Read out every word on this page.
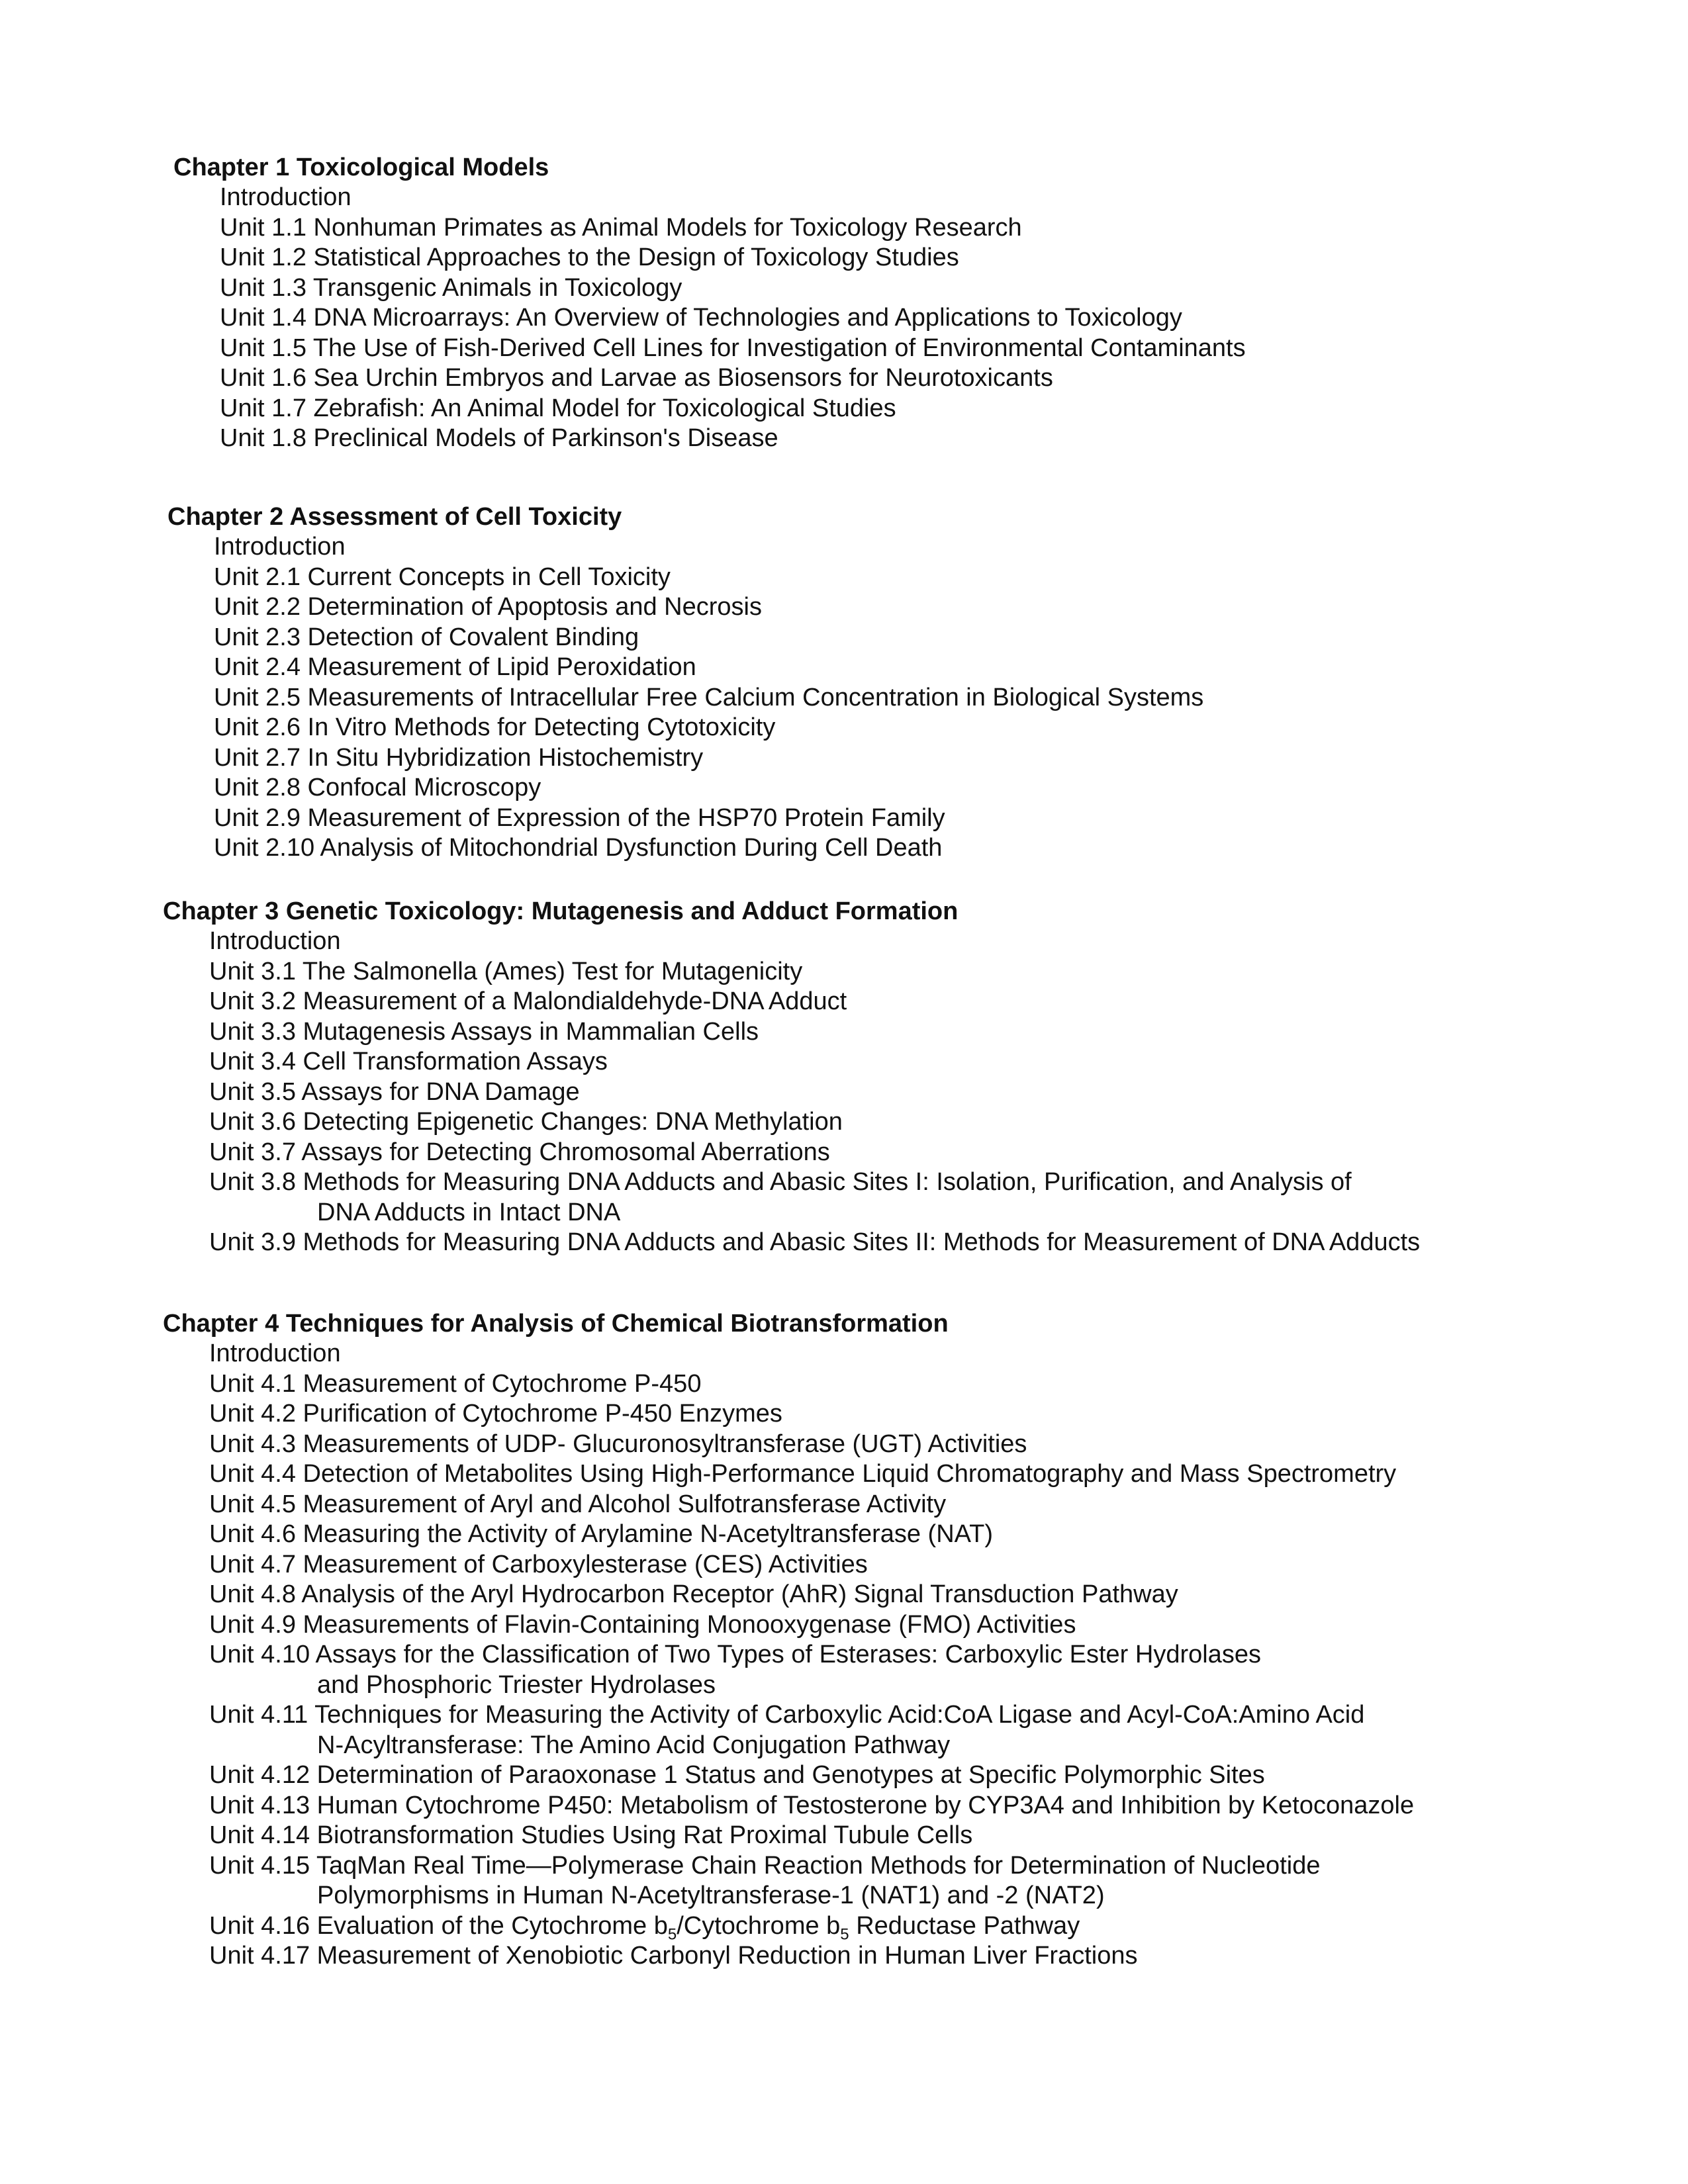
Chapter 1 Toxicological Models
Introduction
Unit 1.1 Nonhuman Primates as Animal Models for Toxicology Research
Unit 1.2 Statistical Approaches to the Design of Toxicology Studies
Unit 1.3 Transgenic Animals in Toxicology
Unit 1.4 DNA Microarrays: An Overview of Technologies and Applications to Toxicology
Unit 1.5 The Use of Fish-Derived Cell Lines for Investigation of Environmental Contaminants
Unit 1.6 Sea Urchin Embryos and Larvae as Biosensors for Neurotoxicants
Unit 1.7 Zebrafish: An Animal Model for Toxicological Studies
Unit 1.8 Preclinical Models of Parkinson's Disease
Chapter 2 Assessment of Cell Toxicity
Introduction
Unit 2.1 Current Concepts in Cell Toxicity
Unit 2.2 Determination of Apoptosis and Necrosis
Unit 2.3 Detection of Covalent Binding
Unit 2.4 Measurement of Lipid Peroxidation
Unit 2.5 Measurements of Intracellular Free Calcium Concentration in Biological Systems
Unit 2.6 In Vitro Methods for Detecting Cytotoxicity
Unit 2.7 In Situ Hybridization Histochemistry
Unit 2.8 Confocal Microscopy
Unit 2.9 Measurement of Expression of the HSP70 Protein Family
Unit 2.10 Analysis of Mitochondrial Dysfunction During Cell Death
Chapter 3 Genetic Toxicology: Mutagenesis and Adduct Formation
Introduction
Unit 3.1 The Salmonella (Ames) Test for Mutagenicity
Unit 3.2 Measurement of a Malondialdehyde-DNA Adduct
Unit 3.3 Mutagenesis Assays in Mammalian Cells
Unit 3.4 Cell Transformation Assays
Unit 3.5 Assays for DNA Damage
Unit 3.6 Detecting Epigenetic Changes: DNA Methylation
Unit 3.7 Assays for Detecting Chromosomal Aberrations
Unit 3.8 Methods for Measuring DNA Adducts and Abasic Sites I: Isolation, Purification, and Analysis of
DNA Adducts in Intact DNA
Unit 3.9 Methods for Measuring DNA Adducts and Abasic Sites II: Methods for Measurement of DNA Adducts
Chapter 4 Techniques for Analysis of Chemical Biotransformation
Introduction
Unit 4.1 Measurement of Cytochrome P-450
Unit 4.2 Purification of Cytochrome P-450 Enzymes
Unit 4.3 Measurements of UDP- Glucuronosyltransferase (UGT) Activities
Unit 4.4 Detection of Metabolites Using High-Performance Liquid Chromatography and Mass Spectrometry
Unit 4.5 Measurement of Aryl and Alcohol Sulfotransferase Activity
Unit 4.6 Measuring the Activity of Arylamine N-Acetyltransferase (NAT)
Unit 4.7 Measurement of Carboxylesterase (CES) Activities
Unit 4.8 Analysis of the Aryl Hydrocarbon Receptor (AhR) Signal Transduction Pathway
Unit 4.9 Measurements of Flavin-Containing Monooxygenase (FMO) Activities
Unit 4.10 Assays for the Classification of Two Types of Esterases: Carboxylic Ester Hydrolases
and Phosphoric Triester Hydrolases
Unit 4.11 Techniques for Measuring the Activity of Carboxylic Acid:CoA Ligase and Acyl-CoA:Amino Acid
N-Acyltransferase: The Amino Acid Conjugation Pathway
Unit 4.12 Determination of Paraoxonase 1 Status and Genotypes at Specific Polymorphic Sites
Unit 4.13 Human Cytochrome P450: Metabolism of Testosterone by CYP3A4 and Inhibition by Ketoconazole
Unit 4.14 Biotransformation Studies Using Rat Proximal Tubule Cells
Unit 4.15 TaqMan Real Time—Polymerase Chain Reaction Methods for Determination of Nucleotide
Polymorphisms in Human N-Acetyltransferase-1 (NAT1) and -2 (NAT2)
Unit 4.16 Evaluation of the Cytochrome $b_5$/Cytochrome $b_5$ Reductase Pathway
Unit 4.17 Measurement of Xenobiotic Carbonyl Reduction in Human Liver Fractions
